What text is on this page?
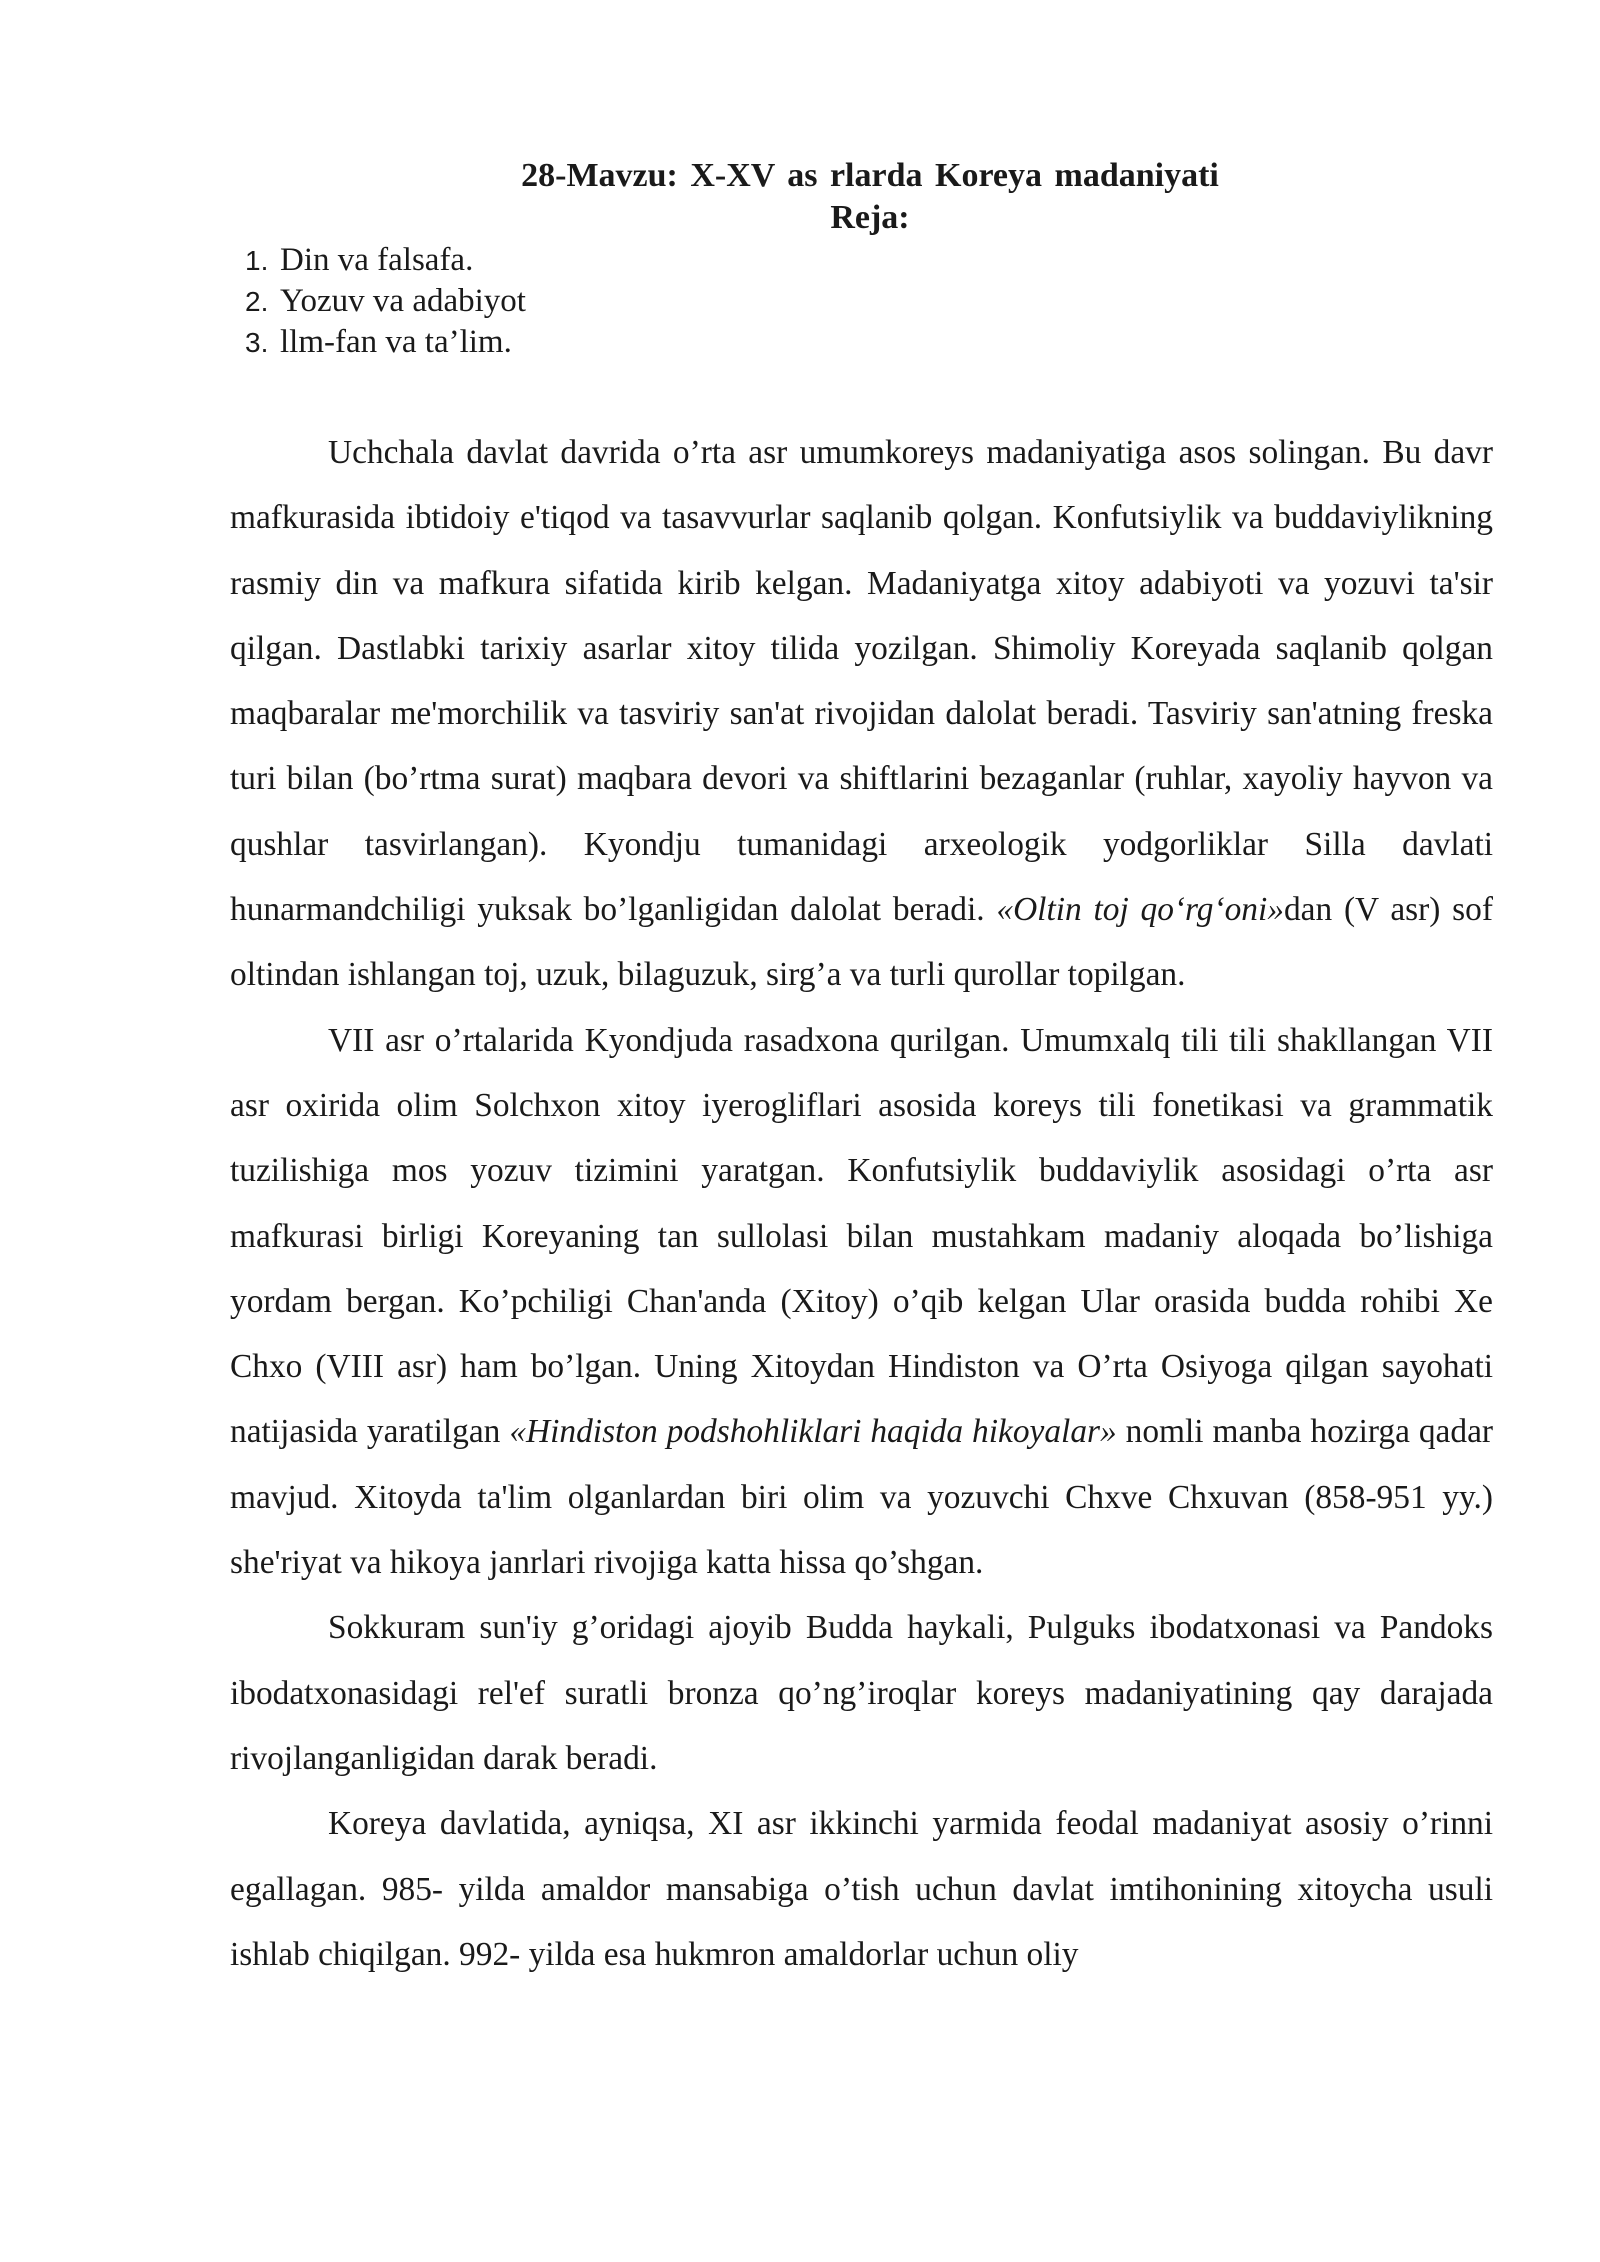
28-Mavzu: X-XV as rlarda Koreya madaniyati
Reja:
1. Din va falsafa.
2. Yozuv va adabiyot
3. llm-fan va ta’lim.

Uchchala davlat davrida o’rta asr umumkoreys madaniyatiga asos solingan. Bu davr mafkurasida ibtidoiy e'tiqod va tasavvurlar saqlanib qolgan. Konfutsiylik va buddaviylikning rasmiy din va mafkura sifatida kirib kelgan. Madaniyatga xitoy adabiyoti va yozuvi ta'sir qilgan. Dastlabki tarixiy asarlar xitoy tilida yozilgan. Shimoliy Koreyada saqlanib qolgan maqbaralar me'morchilik va tasviriy san'at rivojidan dalolat beradi. Tasviriy san'atning freska turi bilan (bo’rtma surat) maqbara devori va shiftlarini bezaganlar (ruhlar, xayoliy hayvon va qushlar tasvirlangan). Kyondju tumanidagi arxeologik yodgorliklar Silla davlati hunarmandchiligi yuksak bo’lganligidan dalolat beradi. «Oltin toj qo‘rg‘oni»dan (V asr) sof oltindan ishlangan toj, uzuk, bilaguzuk, sirg’a va turli qurollar topilgan.

VII asr o’rtalarida Kyondjuda rasadxona qurilgan. Umumxalq tili tili shakllangan VII asr oxirida olim Solchxon xitoy iyerogliflari asosida koreys tili fonetikasi va grammatik tuzilishiga mos yozuv tizimini yaratgan. Konfutsiylik buddaviylik asosidagi o’rta asr mafkurasi birligi Koreyaning tan sullolasi bilan mustahkam madaniy aloqada bo’lishiga yordam bergan. Ko’pchiligi Chan'anda (Xitoy) o’qib kelgan Ular orasida budda rohibi Xe Chxo (VIII asr) ham bo’lgan. Uning Xitoydan Hindiston va O’rta Osiyoga qilgan sayohati natijasida yaratilgan «Hindiston podshohliklari haqida hikoyalar» nomli manba hozirga qadar mavjud. Xitoyda ta'lim olganlardan biri olim va yozuvchi Chxve Chxuvan (858-951 yy.) she'riyat va hikoya janrlari rivojiga katta hissa qo’shgan.

Sokkuram sun'iy g’oridagi ajoyib Budda haykali, Pulguks ibodatxonasi va Pandoks ibodatxonasidagi rel'ef suratli bronza qo’ng’iroqlar koreys madaniyatining qay darajada rivojlanganligidan darak beradi.

Koreya davlatida, ayniqsa, XI asr ikkinchi yarmida feodal madaniyat asosiy o’rinni egallagan. 985- yilda amaldor mansabiga o’tish uchun davlat imtihonining xitoycha usuli ishlab chiqilgan. 992- yilda esa hukmron amaldorlar uchun oliy
